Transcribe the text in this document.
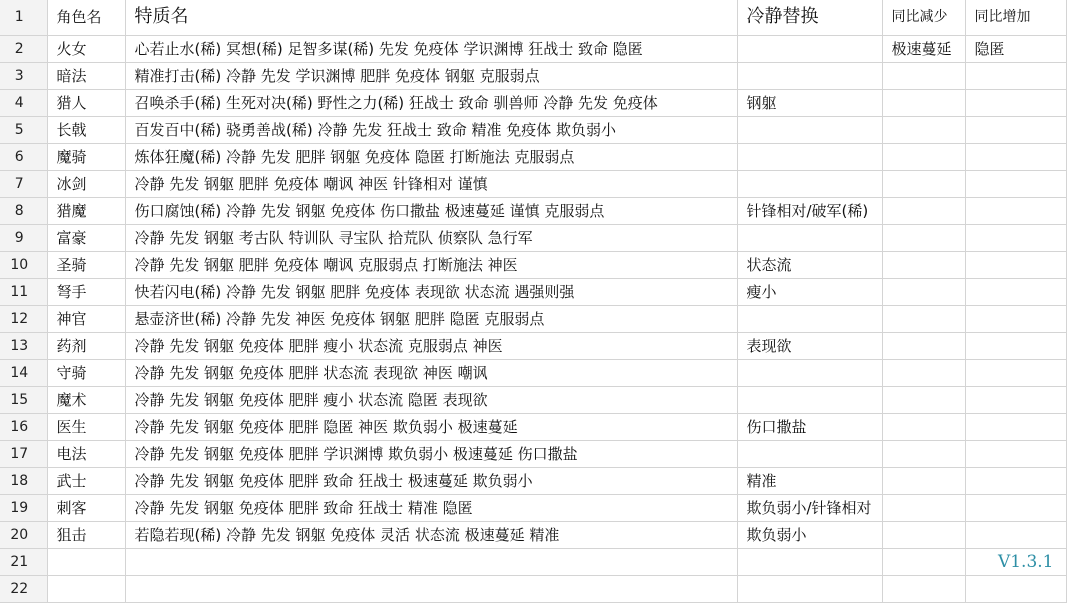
1	角色名	特质名	冷静替换	同比减少	同比增加
2	火女	心若止水(稀) 冥想(稀) 足智多谋(稀) 先发 免疫体 学识渊博 狂战士 致命 隐匿		极速蔓延	隐匿
3	暗法	精准打击(稀) 冷静 先发 学识渊博 肥胖 免疫体 钢躯 克服弱点			
4	猎人	召唤杀手(稀) 生死对决(稀) 野性之力(稀) 狂战士 致命 驯兽师 冷静 先发 免疫体	钢躯		
5	长戟	百发百中(稀) 骁勇善战(稀) 冷静 先发 狂战士 致命 精准 免疫体 欺负弱小			
6	魔骑	炼体狂魔(稀) 冷静 先发 肥胖 钢躯 免疫体 隐匿 打断施法 克服弱点			
7	冰剑	冷静 先发 钢躯 肥胖 免疫体 嘲讽 神医 针锋相对 谨慎			
8	猎魔	伤口腐蚀(稀) 冷静 先发 钢躯 免疫体 伤口撒盐 极速蔓延 谨慎 克服弱点	针锋相对/破军(稀)		
9	富豪	冷静 先发 钢躯 考古队 特训队 寻宝队 拾荒队 侦察队 急行军			
10	圣骑	冷静 先发 钢躯 肥胖 免疫体 嘲讽 克服弱点 打断施法 神医	状态流		
11	弩手	快若闪电(稀) 冷静 先发 钢躯 肥胖 免疫体 表现欲 状态流 遇强则强	瘦小		
12	神官	悬壶济世(稀) 冷静 先发 神医 免疫体 钢躯 肥胖 隐匿 克服弱点			
13	药剂	冷静 先发 钢躯 免疫体 肥胖 瘦小 状态流 克服弱点 神医	表现欲		
14	守骑	冷静 先发 钢躯 免疫体 肥胖 状态流 表现欲 神医 嘲讽			
15	魔术	冷静 先发 钢躯 免疫体 肥胖 瘦小 状态流 隐匿 表现欲			
16	医生	冷静 先发 钢躯 免疫体 肥胖 隐匿 神医 欺负弱小 极速蔓延	伤口撒盐		
17	电法	冷静 先发 钢躯 免疫体 肥胖 学识渊博 欺负弱小 极速蔓延 伤口撒盐			
18	武士	冷静 先发 钢躯 免疫体 肥胖 致命 狂战士 极速蔓延 欺负弱小	精准		
19	刺客	冷静 先发 钢躯 免疫体 肥胖 致命 狂战士 精准 隐匿	欺负弱小/针锋相对		
20	狙击	若隐若现(稀) 冷静 先发 钢躯 免疫体 灵活 状态流 极速蔓延 精准	欺负弱小		
21					V1.3.1
22					
